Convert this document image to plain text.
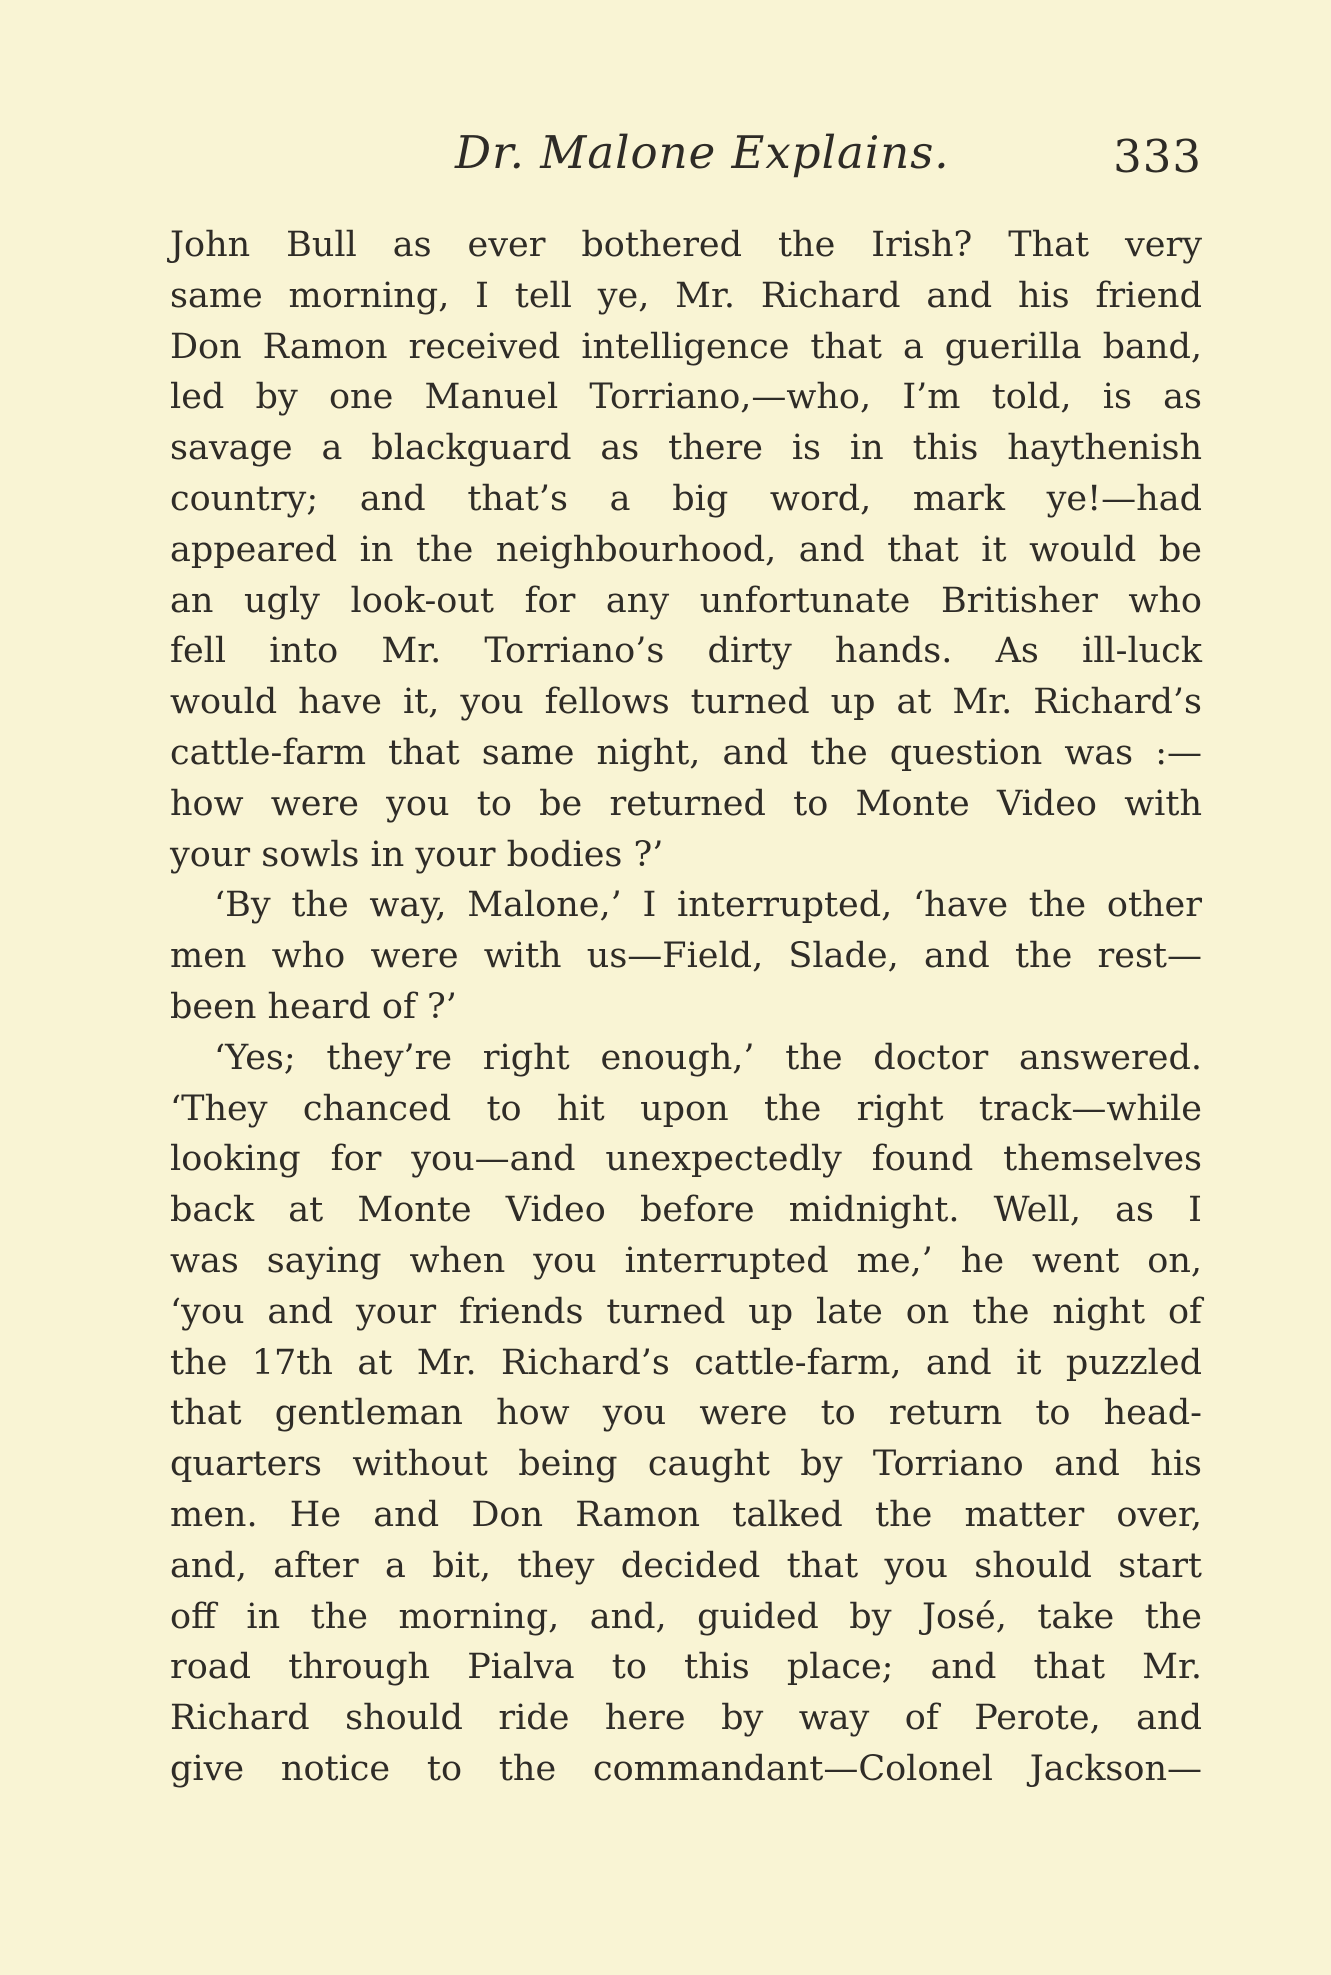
Dr. Malone Explains.	333
John Bull as ever bothered the Irish? That very
same morning, I tell ye, Mr. Richard and his friend
Don Ramon received intelligence that a guerilla band,
led by one Manuel Torriano,—who, I’m told, is as
savage a blackguard as there is in this haythenish
country; and that’s a big word, mark ye!—had
appeared in the neighbourhood, and that it would be
an ugly look-out for any unfortunate Britisher who
fell into Mr. Torriano’s dirty hands. As ill-luck
would have it, you fellows turned up at Mr. Richard’s
cattle-farm that same night, and the question was :—
how were you to be returned to Monte Video with
your sowls in your bodies ?’
‘By the way, Malone,’ I interrupted, ‘have the other
men who were with us—Field, Slade, and the rest—
been heard of ?’
‘Yes; they’re right enough,’ the doctor answered.
‘They chanced to hit upon the right track—while
looking for you—and unexpectedly found themselves
back at Monte Video before midnight. Well, as I
was saying when you interrupted me,’ he went on,
‘you and your friends turned up late on the night of
the 17th at Mr. Richard’s cattle-farm, and it puzzled
that gentleman how you were to return to head-
quarters without being caught by Torriano and his
men. He and Don Ramon talked the matter over,
and, after a bit, they decided that you should start
off in the morning, and, guided by José, take the
road through Pialva to this place; and that Mr.
Richard should ride here by way of Perote, and
give notice to the commandant—Colonel Jackson—
